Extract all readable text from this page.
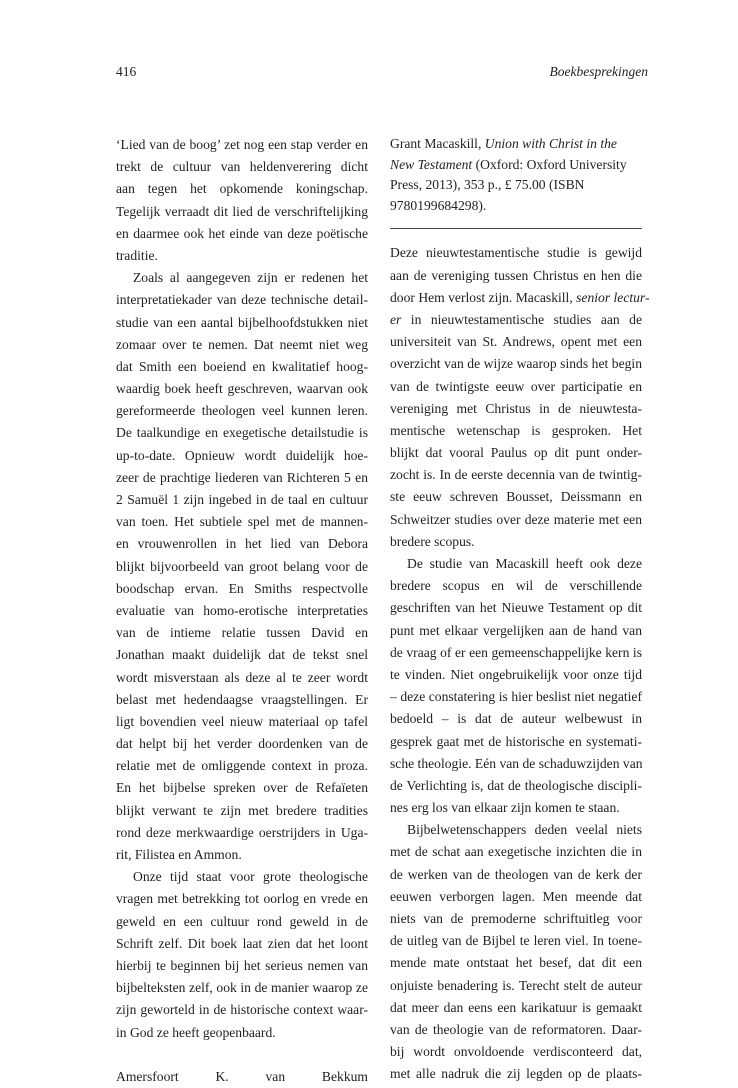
416	Boekbesprekingen
‘Lied van de boog’ zet nog een stap verder en
trekt de cultuur van heldenverering dicht
aan tegen het opkomende koningschap.
Tegelijk verraadt dit lied de verschriftelijking
en daarmee ook het einde van deze poëtische
traditie.
Zoals al aangegeven zijn er redenen het
interpretatiekader van deze technische detail-
studie van een aantal bijbelhoofdstukken niet
zomaar over te nemen. Dat neemt niet weg
dat Smith een boeiend en kwalitatief hoog-
waardig boek heeft geschreven, waarvan ook
gereformeerde theologen veel kunnen leren.
De taalkundige en exegetische detailstudie is
up-to-date. Opnieuw wordt duidelijk hoe-
zeer de prachtige liederen van Richteren 5 en
2 Samuël 1 zijn ingebed in de taal en cultuur
van toen. Het subtiele spel met de mannen-
en vrouwenrollen in het lied van Debora
blijkt bijvoorbeeld van groot belang voor de
boodschap ervan. En Smiths respectvolle
evaluatie van homo-erotische interpretaties
van de intieme relatie tussen David en
Jonathan maakt duidelijk dat de tekst snel
wordt misverstaan als deze al te zeer wordt
belast met hedendaagse vraagstellingen. Er
ligt bovendien veel nieuw materiaal op tafel
dat helpt bij het verder doordenken van de
relatie met de omliggende context in proza.
En het bijbelse spreken over de Refaïeten
blijkt verwant te zijn met bredere tradities
rond deze merkwaardige oerstrijders in Uga-
rit, Filistea en Ammon.
Onze tijd staat voor grote theologische
vragen met betrekking tot oorlog en vrede en
geweld en een cultuur rond geweld in de
Schrift zelf. Dit boek laat zien dat het loont
hierbij te beginnen bij het serieus nemen van
bijbelteksten zelf, ook in de manier waarop ze
zijn geworteld in de historische context waar-
in God ze heeft geopenbaard.
Amersfoort	K. van Bekkum
Grant Macaskill, Union with Christ in the
New Testament (Oxford: Oxford University
Press, 2013), 353 p., £ 75.00 (ISBN
9780199684298).
Deze nieuwtestamentische studie is gewijd
aan de vereniging tussen Christus en hen die
door Hem verlost zijn. Macaskill, senior lectur-
er in nieuwtestamentische studies aan de
universiteit van St. Andrews, opent met een
overzicht van de wijze waarop sinds het begin
van de twintigste eeuw over participatie en
vereniging met Christus in de nieuwtesta-
mentische wetenschap is gesproken. Het
blijkt dat vooral Paulus op dit punt onder-
zocht is. In de eerste decennia van de twintig-
ste eeuw schreven Bousset, Deissmann en
Schweitzer studies over deze materie met een
bredere scopus.
De studie van Macaskill heeft ook deze
bredere scopus en wil de verschillende
geschriften van het Nieuwe Testament op dit
punt met elkaar vergelijken aan de hand van
de vraag of er een gemeenschappelijke kern is
te vinden. Niet ongebruikelijk voor onze tijd
– deze constatering is hier beslist niet negatief
bedoeld – is dat de auteur welbewust in
gesprek gaat met de historische en systemati-
sche theologie. Eén van de schaduwzijden van
de Verlichting is, dat de theologische discipli-
nes erg los van elkaar zijn komen te staan.
Bijbelwetenschappers deden veelal niets
met de schat aan exegetische inzichten die in
de werken van de theologen van de kerk der
eeuwen verborgen lagen. Men meende dat
niets van de premoderne schriftuitleg voor
de uitleg van de Bijbel te leren viel. In toene-
mende mate ontstaat het besef, dat dit een
onjuiste benadering is. Terecht stelt de auteur
dat meer dan eens een karikatuur is gemaakt
van de theologie van de reformatoren. Daar-
bij wordt onvoldoende verdisconteerd dat,
met alle nadruk die zij legden op de plaats-
